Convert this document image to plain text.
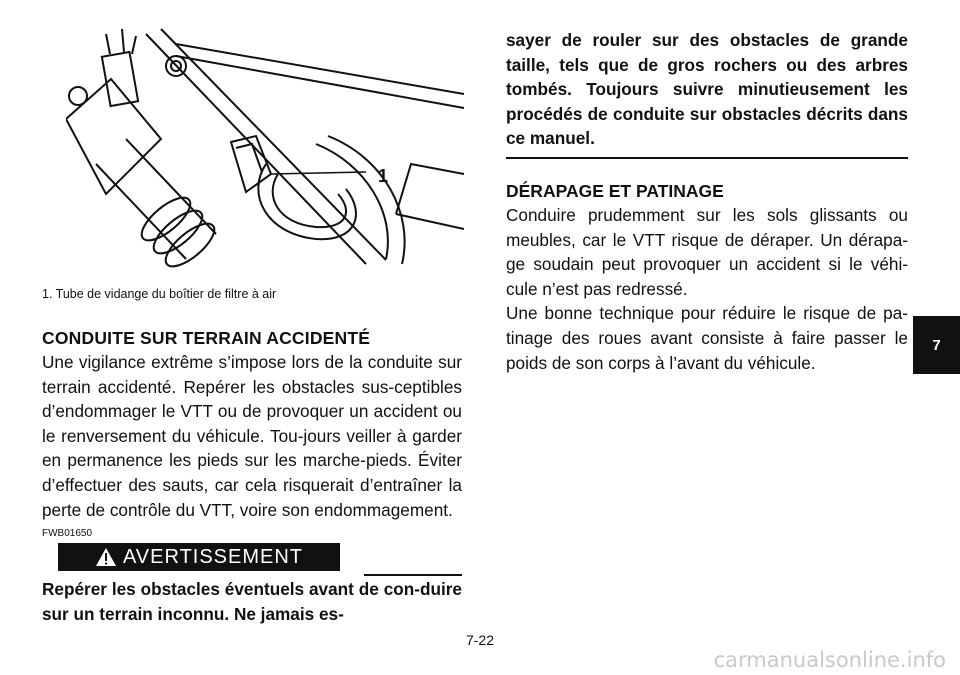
1
1. Tube de vidange du boîtier de filtre à air
CONDUITE SUR TERRAIN ACCIDENTÉ

Une vigilance extrême s’impose lors de la conduite sur terrain accidenté. Repérer les obstacles sus-ceptibles d’endommager le VTT ou de provoquer un accident ou le renversement du véhicule. Tou-jours veiller à garder en permanence les pieds sur les marche-pieds. Éviter d’effectuer des sauts, car cela risquerait d’entraîner la perte de contrôle du VTT, voire son endommagement.

FWB01650
AVERTISSEMENT

Repérer les obstacles éventuels avant de con-duire sur un terrain inconnu. Ne jamais es-

sayer de rouler sur des obstacles de grande taille, tels que de gros rochers ou des arbres tombés. Toujours suivre minutieusement les procédés de conduite sur obstacles décrits dans ce manuel.

DÉRAPAGE ET PATINAGE

Conduire prudemment sur les sols glissants ou meubles, car le VTT risque de déraper. Un dérapa-ge soudain peut provoquer un accident si le véhi-cule n’est pas redressé.

Une bonne technique pour réduire le risque de pa-tinage des roues avant consiste à faire passer le poids de son corps à l’avant du véhicule.

7
7-22
carmanualsonline.info
